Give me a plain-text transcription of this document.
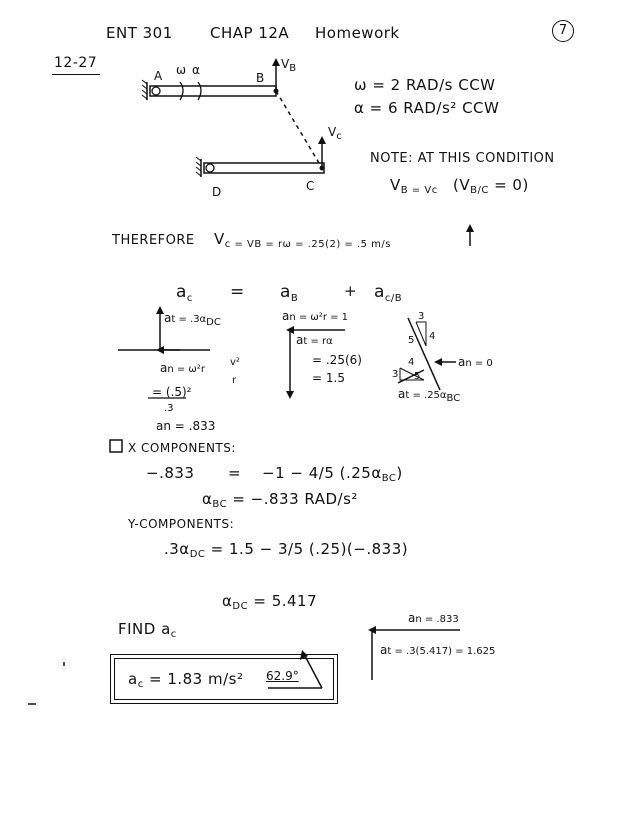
ENT 301 CHAP 12A Homework	7
12-27
A ω α
B
$V_B$
$V_c$
D	C
ω = 2 RAD/s CCW
α = 6 RAD/s² CCW
NOTE: AT THIS CONDITION
$V_{B = Vc}$ $(V_{B/C} = 0)$
THEREFORE $V_{c = VB = r\omega = .25(2) = .5 m/s}$
$a_c = a_B$	+ $a_{c/B}$
at = $.3\alpha_{DC}$
an = ω²r
v²
r
= (.5)²
.3
an = .833
an = ω²r = 1
at = rα
= .25(6)
= 1.5
3
4
5
4
3 5
an = 0
at = $.25\alpha_{BC}$
X COMPONENTS:
−.833 = −1 − 4/5 $(.25\alpha_{BC})$
$\alpha_{BC} = -.833$ RAD/s²
Y-COMPONENTS:
$.3\alpha_{DC} = 1.5 - 3/5$ (.25)(−.833)
$\alpha_{DC} = 5.417$
FIND $a_c$
$a_c = 1.83$ m/s² 62.9°
an = .833
at = .3(5.417) = 1.625
